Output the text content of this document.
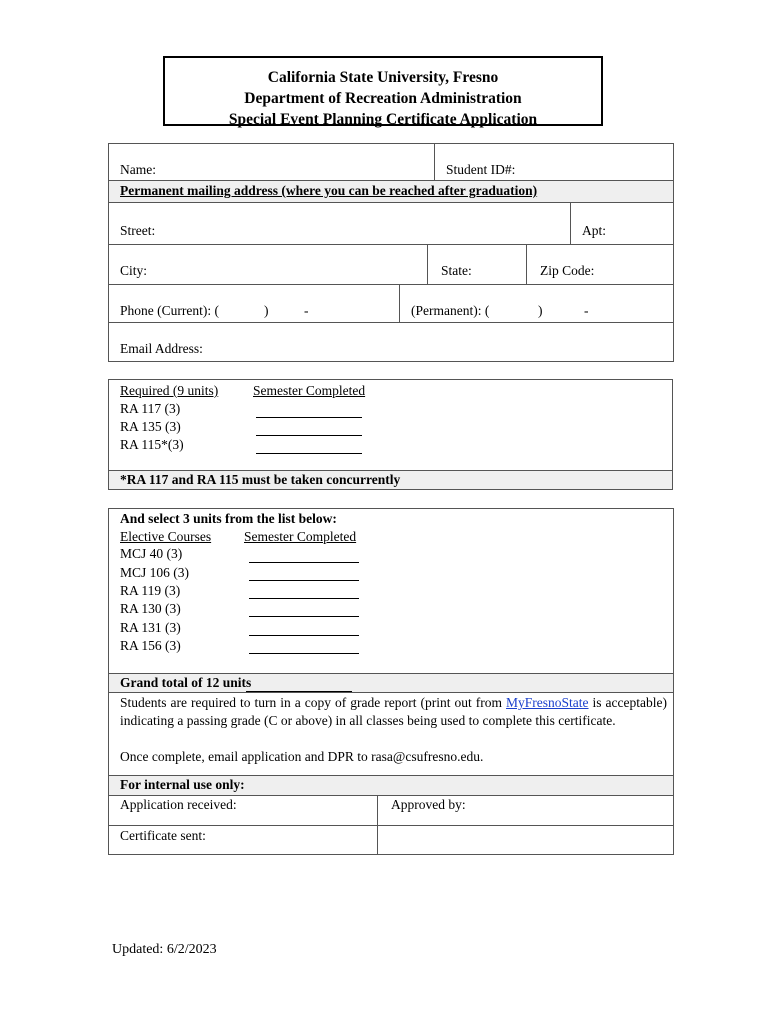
California State University, Fresno
Department of Recreation Administration
Special Event Planning Certificate Application
Name:	Student ID#:
Permanent mailing address (where you can be reached after graduation)
Street:	Apt:
City:	State:	Zip Code:
Phone (Current): (	)	-	(Permanent): (	)	-
Email Address:
Required (9 units)	Semester Completed
RA 117 (3)
RA 135 (3)
RA 115*(3)
*RA 117 and RA 115 must be taken concurrently
And select 3 units from the list below:
Elective Courses Semester Completed
MCJ 40 (3)
MCJ 106 (3)
RA 119 (3)
RA 130 (3)
RA 131 (3)
RA 156 (3)
Grand total of 12 units
Students are required to turn in a copy of grade report (print out from MyFresnoState is acceptable) indicating a passing grade (C or above) in all classes being used to complete this certificate.
Once complete, email application and DPR to rasa@csufresno.edu.
For internal use only:
Application received:	Approved by:
Certificate sent:
Updated: 6/2/2023
